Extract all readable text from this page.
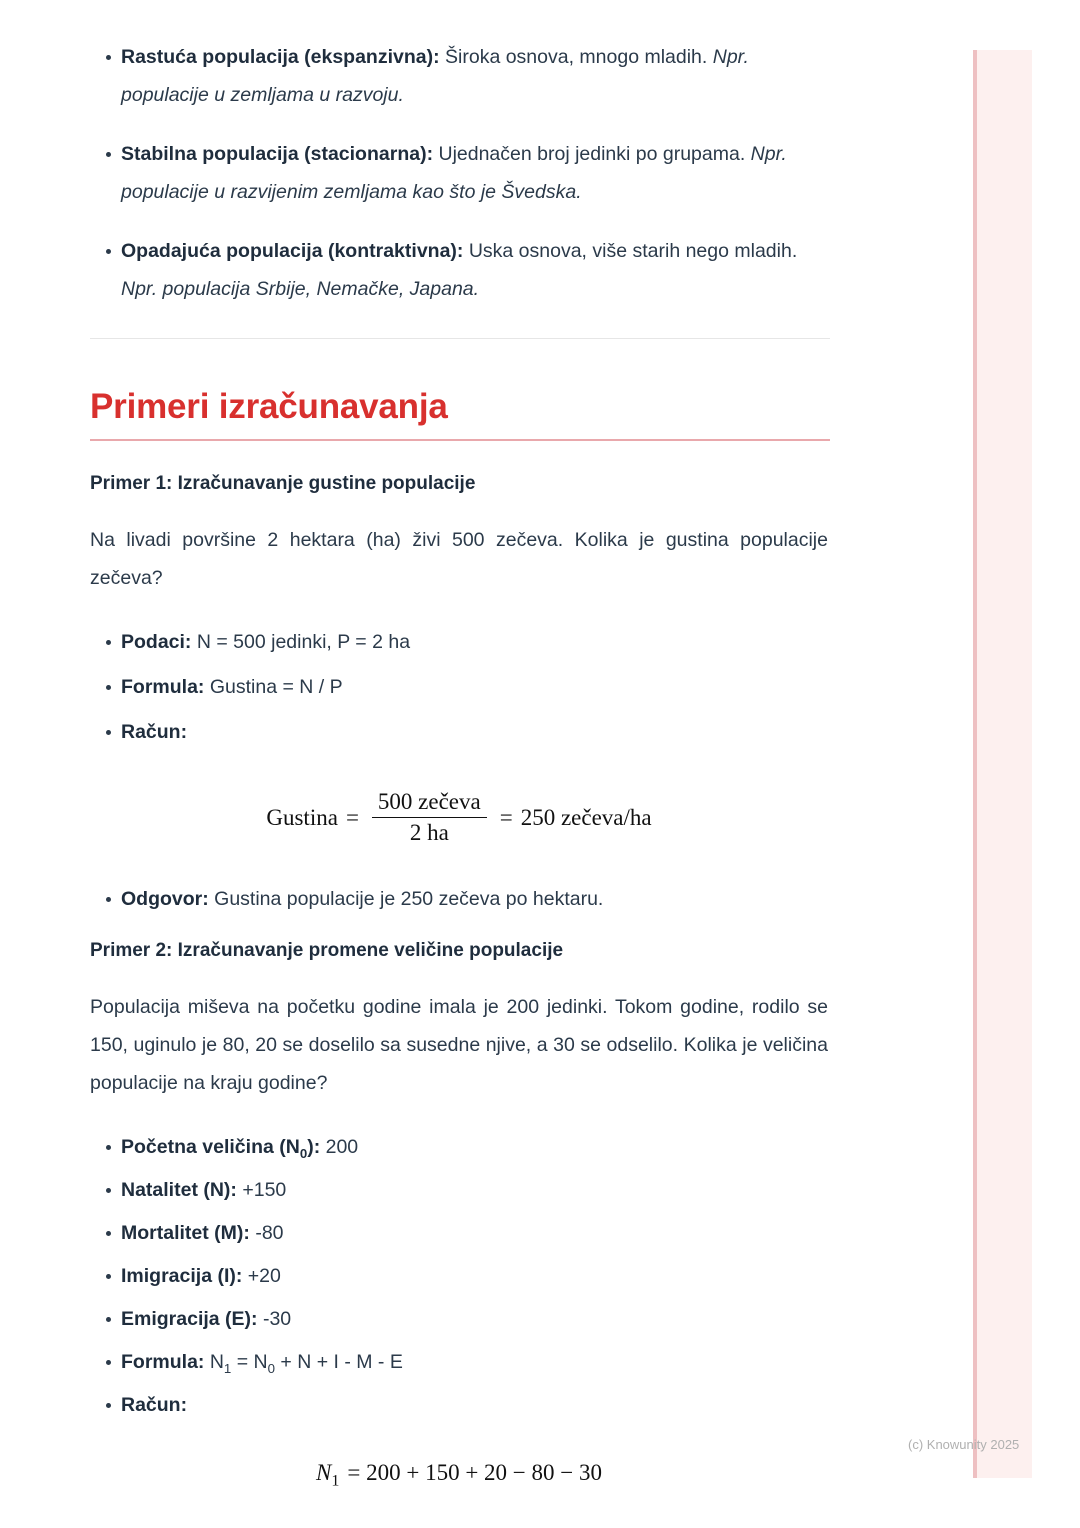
Rastuća populacija (ekspanzivna): Široka osnova, mnogo mladih. Npr. populacije u zemljama u razvoju.
Stabilna populacija (stacionarna): Ujednačen broj jedinki po grupama. Npr. populacije u razvijenim zemljama kao što je Švedska.
Opadajuća populacija (kontraktivna): Uska osnova, više starih nego mladih. Npr. populacija Srbije, Nemačke, Japana.
Primeri izračunavanja
Primer 1: Izračunavanje gustine populacije

Na livadi površine 2 hektara (ha) živi 500 zečeva. Kolika je gustina populacije zečeva?

Podaci: N = 500 jedinki, P = 2 ha
Formula: Gustina = N / P
Račun:
Gustina = $\frac{\text{500 zečeva}}{2 ha} = 250$ zečeva/ha
Odgovor: Gustina populacije je 250 zečeva po hektaru.
Primer 2: Izračunavanje promene veličine populacije

Populacija miševa na početku godine imala je 200 jedinki. Tokom godine, rodilo se 150, uginulo je 80, 20 se doselilo sa susedne njive, a 30 se odselilo. Kolika je veličina populacije na kraju godine?

Početna veličina $(N_0)$: 200
Natalitet (N): +150
Mortalitet (M): -80
Imigracija (I): +20
Emigracija (E): -30
Formula: $N_1 = N_0 + N + I - M - E$
Račun:
$N_1 = 200 + 150 + 20 - 80 - 30$
(c) Knowunity 2025
